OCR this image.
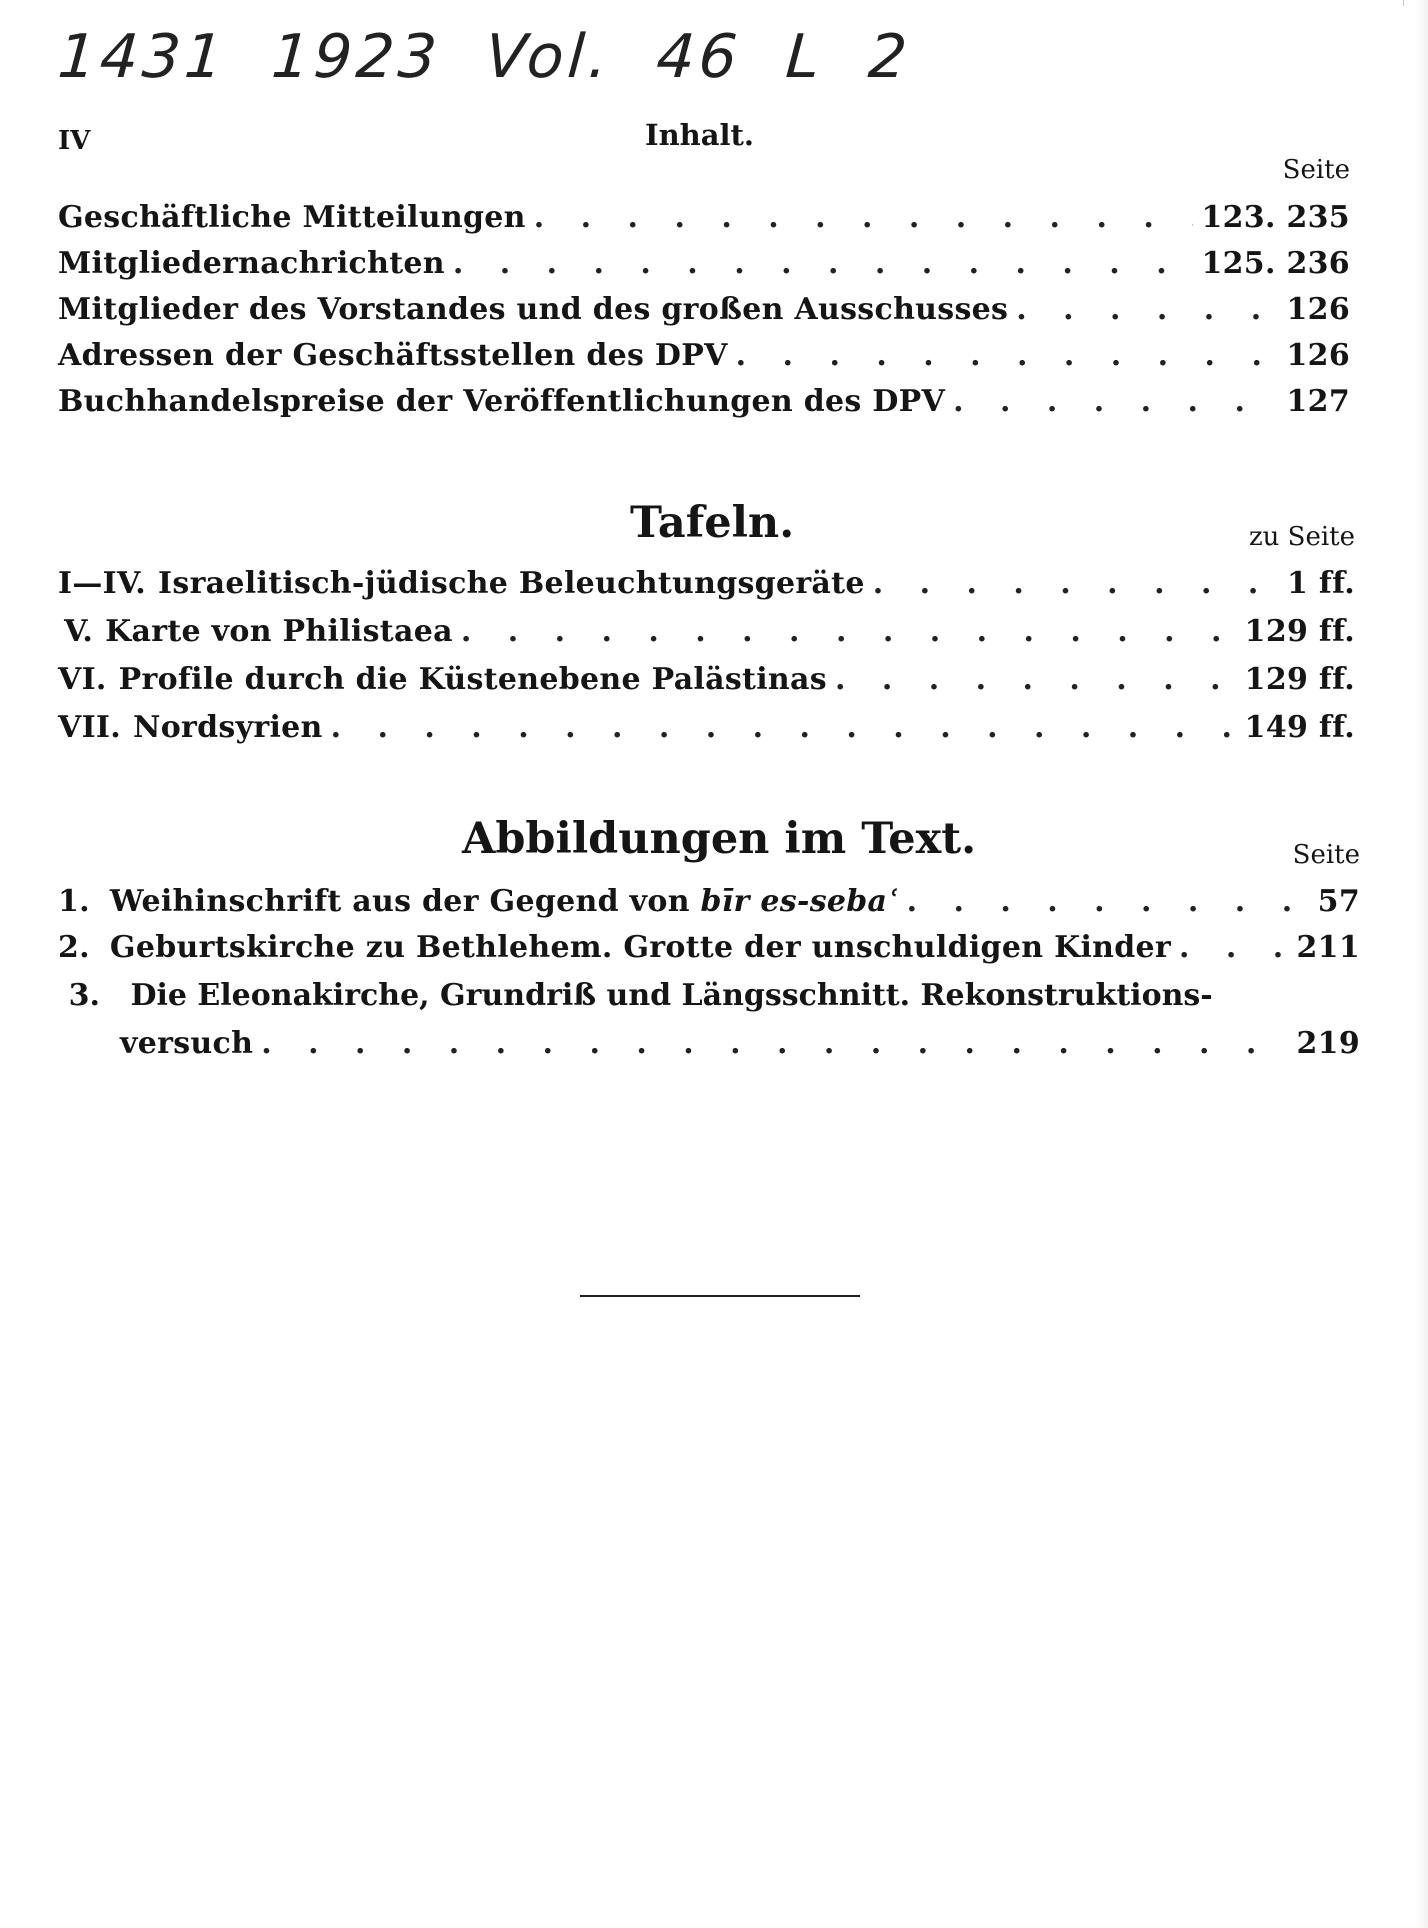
1431 1923 Vol. 46 L 2
IV	Inhalt.
Seite
Geschäftliche Mitteilungen . . .	123. 235
Mitgliedernachrichten . . .	125. 236
Mitglieder des Vorstandes und des großen Ausschusses . . .	126
Adressen der Geschäftsstellen des DPV . . .	126
Buchhandelspreise der Veröffentlichungen des DPV . . .	127
Tafeln.	zu Seite
I—IV. Israelitisch-jüdische Beleuchtungsgeräte . . .	1 ff.
V. Karte von Philistaea . . .	129 ff.
VI. Profile durch die Küstenebene Palästinas . . .	129 ff.
VII. Nordsyrien . . .	149 ff.
Abbildungen im Text.	Seite
1. Weihinschrift aus der Gegend von bīr es-sebaʿ . . .	57
2. Geburtskirche zu Bethlehem. Grotte der unschuldigen Kinder . . .	211
3. Die Eleonakirche, Grundriß und Längsschnitt. Rekonstruktions-
versuch . . .	219
